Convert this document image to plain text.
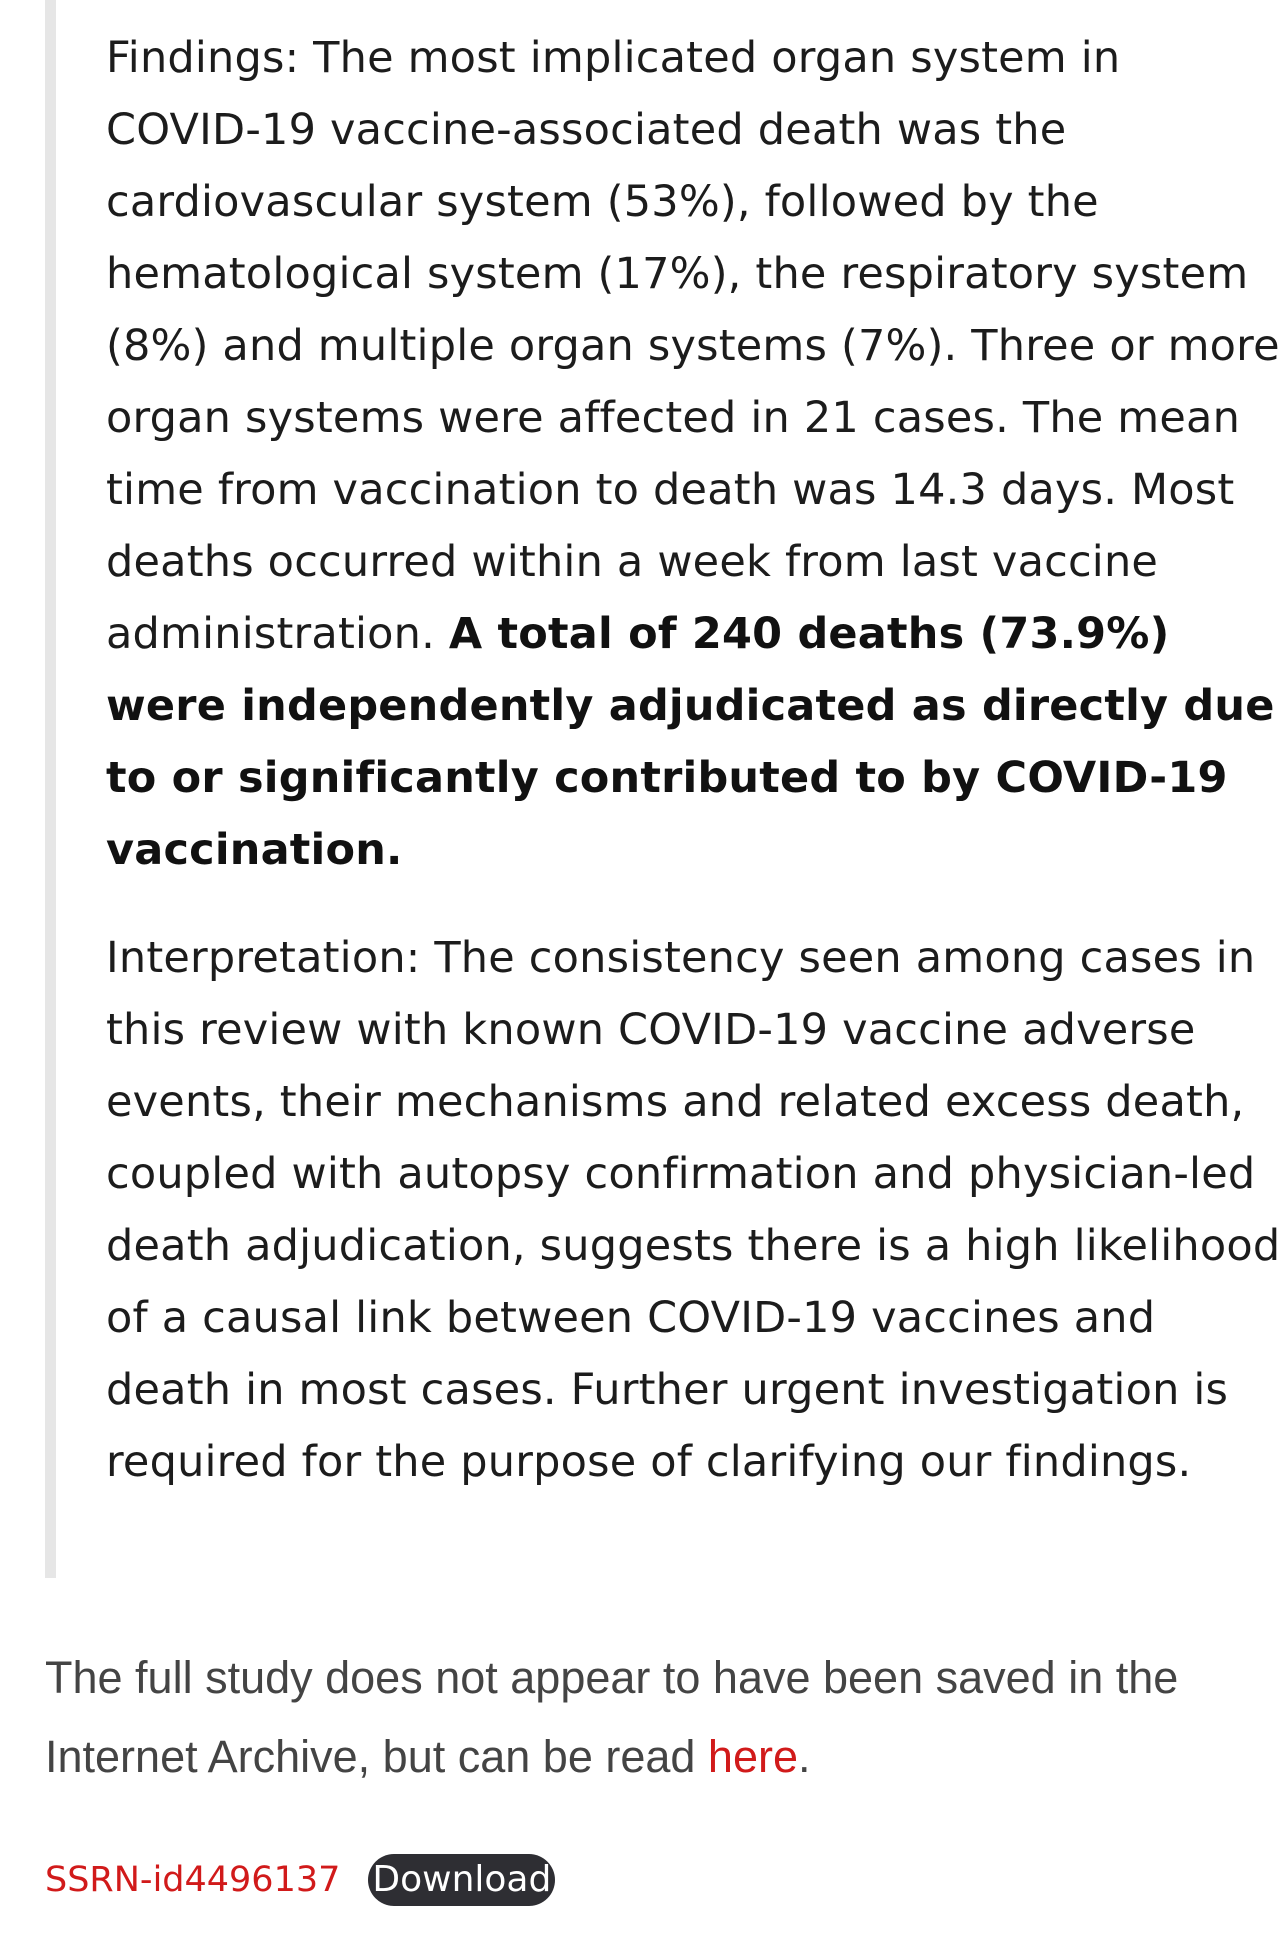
Findings: The most implicated organ system in COVID-19 vaccine-associated death was the cardiovascular system (53%), followed by the hematological system (17%), the respiratory system (8%) and multiple organ systems (7%). Three or more organ systems were affected in 21 cases. The mean time from vaccination to death was 14.3 days. Most deaths occurred within a week from last vaccine administration. A total of 240 deaths (73.9%) were independently adjudicated as directly due to or significantly contributed to by COVID-19 vaccination.

Interpretation: The consistency seen among cases in this review with known COVID-19 vaccine adverse events, their mechanisms and related excess death, coupled with autopsy confirmation and physician-led death adjudication, suggests there is a high likelihood of a causal link between COVID-19 vaccines and death in most cases. Further urgent investigation is required for the purpose of clarifying our findings.

The full study does not appear to have been saved in the Internet Archive, but can be read here.

SSRN-id4496137 Download
